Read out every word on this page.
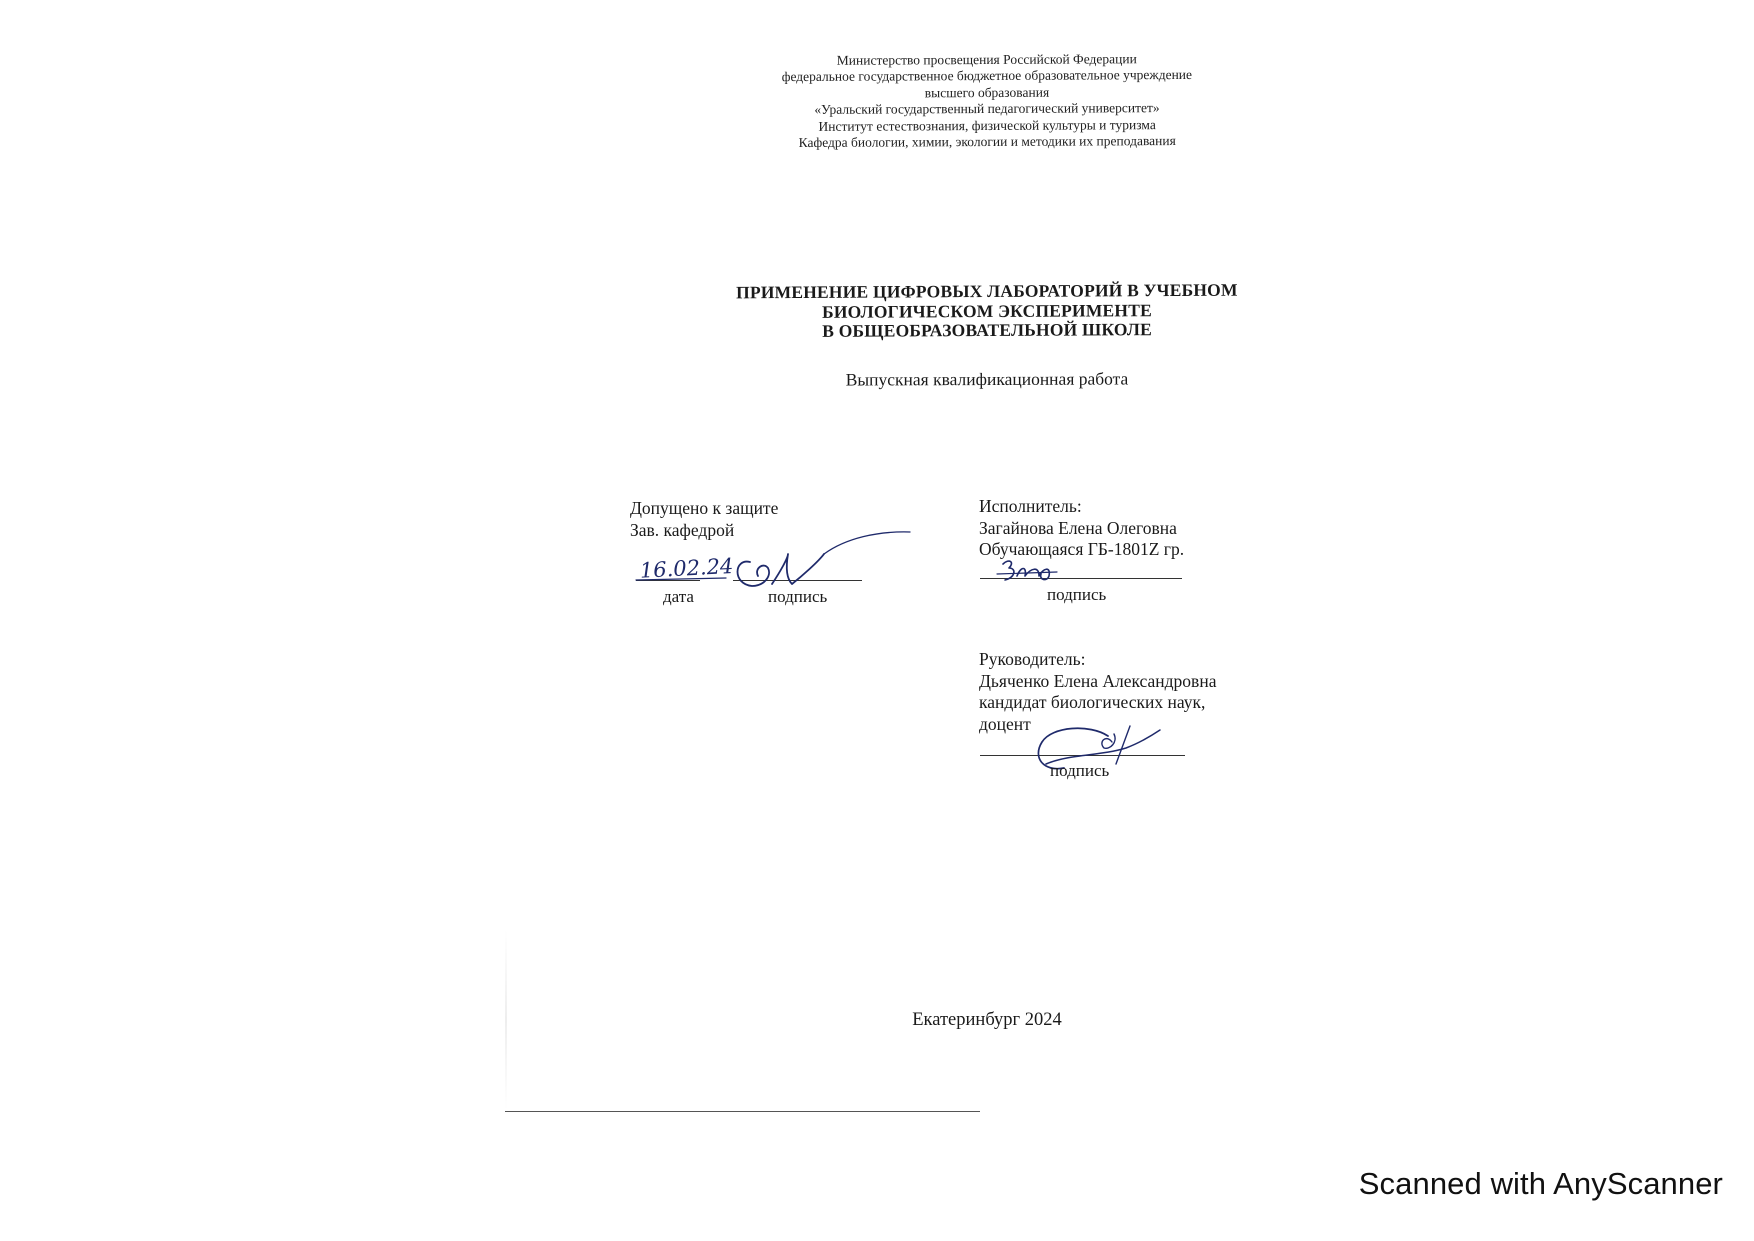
Министерство просвещения Российской Федерации
федеральное государственное бюджетное образовательное учреждение
высшего образования
«Уральский государственный педагогический университет»
Институт естествознания, физической культуры и туризма
Кафедра биологии, химии, экологии и методики их преподавания
ПРИМЕНЕНИЕ ЦИФРОВЫХ ЛАБОРАТОРИЙ В УЧЕБНОМ
БИОЛОГИЧЕСКОМ ЭКСПЕРИМЕНТЕ
В ОБЩЕОБРАЗОВАТЕЛЬНОЙ ШКОЛЕ
Выпускная квалификационная работа
Допущено к защите
Зав. кафедрой
16.02.24
дата	подпись
Исполнитель:
Загайнова Елена Олеговна
Обучающаяся ГБ-1801Z гр.
подпись
Руководитель:
Дьяченко Елена Александровна
кандидат биологических наук,
доцент
подпись
Екатеринбург 2024
Scanned with AnyScanner
